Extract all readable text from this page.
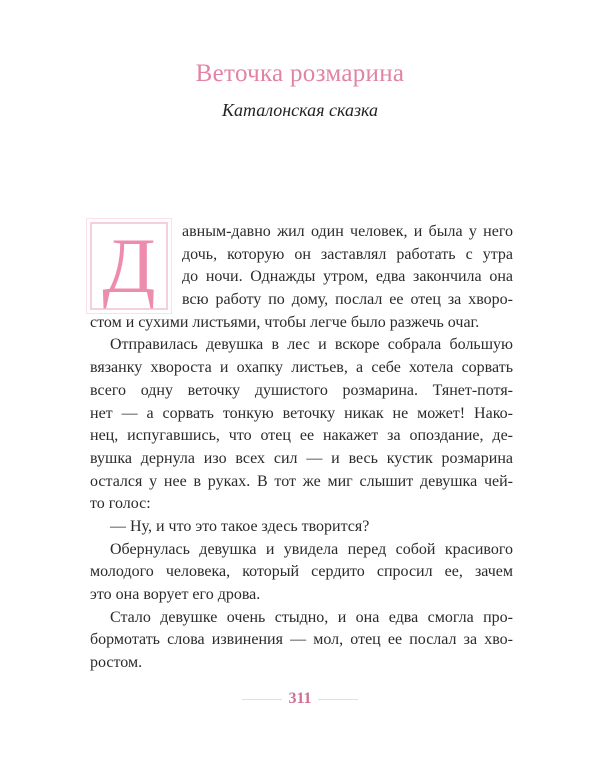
Веточка розмарина
Каталонская сказка
Д авным-давно жил один человек, и была у него
дочь, которую он заставлял работать с утра
до ночи. Однажды утром, едва закончила она
всю работу по дому, послал ее отец за хворо-
стом и сухими листьями, чтобы легче было разжечь очаг.
Отправилась девушка в лес и вскоре собрала большую
вязанку хвороста и охапку листьев, а себе хотела сорвать
всего одну веточку душистого розмарина. Тянет-потя-
нет — а сорвать тонкую веточку никак не может! Нако-
нец, испугавшись, что отец ее накажет за опоздание, де-
вушка дернула изо всех сил — и весь кустик розмарина
остался у нее в руках. В тот же миг слышит девушка чей-
то голос:
— Ну, и что это такое здесь творится?
Обернулась девушка и увидела перед собой красивого
молодого человека, который сердито спросил ее, зачем
это она ворует его дрова.
Стало девушке очень стыдно, и она едва смогла про-
бормотать слова извинения — мол, отец ее послал за хво-
ростом.
311
